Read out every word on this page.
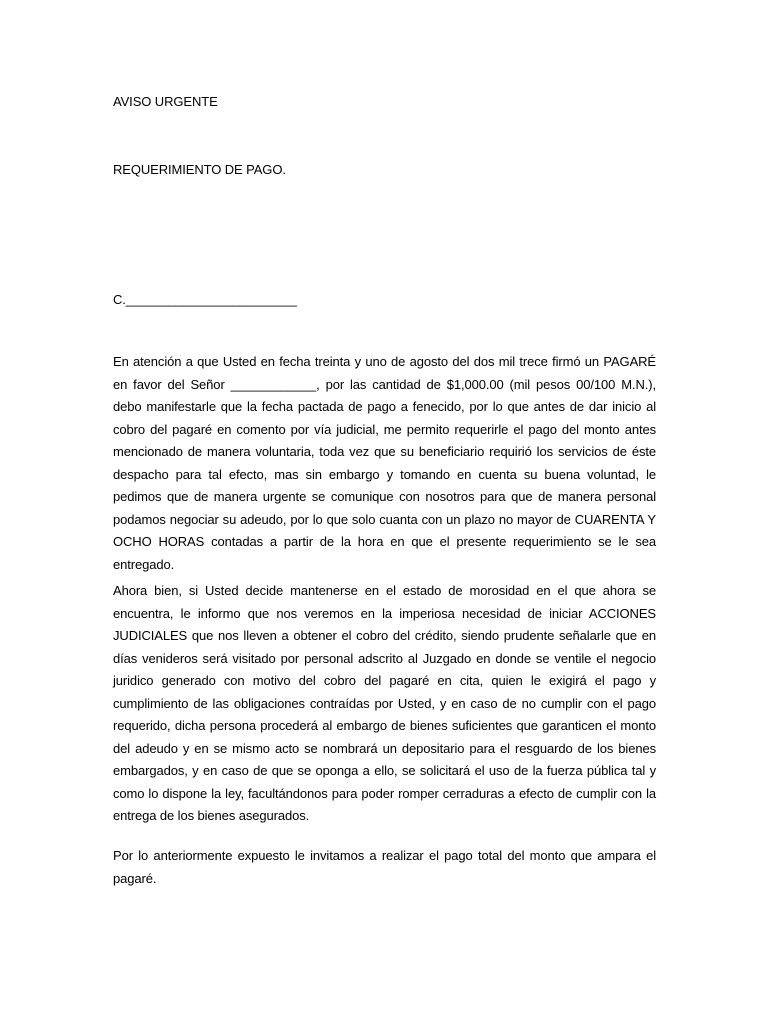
AVISO URGENTE
REQUERIMIENTO DE PAGO.
C.________________________

En atención a que Usted en fecha treinta y uno de agosto del dos mil trece firmó un PAGARÉ en favor del Señor ____________, por las cantidad de $1,000.00 (mil pesos 00/100 M.N.), debo manifestarle que la fecha pactada de pago a fenecido, por lo que antes de dar inicio al cobro del pagaré en comento por vía judicial, me permito requerirle el pago del monto antes mencionado de manera voluntaria, toda vez que su beneficiario requirió los servicios de éste despacho para tal efecto, mas sin embargo y tomando en cuenta su buena voluntad, le pedimos que de manera urgente se comunique con nosotros para que de manera personal podamos negociar su adeudo, por lo que solo cuanta con un plazo no mayor de CUARENTA Y OCHO HORAS contadas a partir de la hora en que el presente requerimiento se le sea entregado.

Ahora bien, si Usted decide mantenerse en el estado de morosidad en el que ahora se encuentra, le informo que nos veremos en la imperiosa necesidad de iniciar ACCIONES JUDICIALES que nos lleven a obtener el cobro del crédito, siendo prudente señalarle que en días venideros será visitado por personal adscrito al Juzgado en donde se ventile el negocio juridico generado con motivo del cobro del pagaré en cita, quien le exigirá el pago y cumplimiento de las obligaciones contraídas por Usted, y en caso de no cumplir con el pago requerido, dicha persona procederá al embargo de bienes suficientes que garanticen el monto del adeudo y en se mismo acto se nombrará un depositario para el resguardo de los bienes embargados, y en caso de que se oponga a ello, se solicitará el uso de la fuerza pública tal y como lo dispone la ley, facultándonos para poder romper cerraduras a efecto de cumplir con la entrega de los bienes asegurados.

Por lo anteriormente expuesto le invitamos a realizar el pago total del monto que ampara el pagaré.
